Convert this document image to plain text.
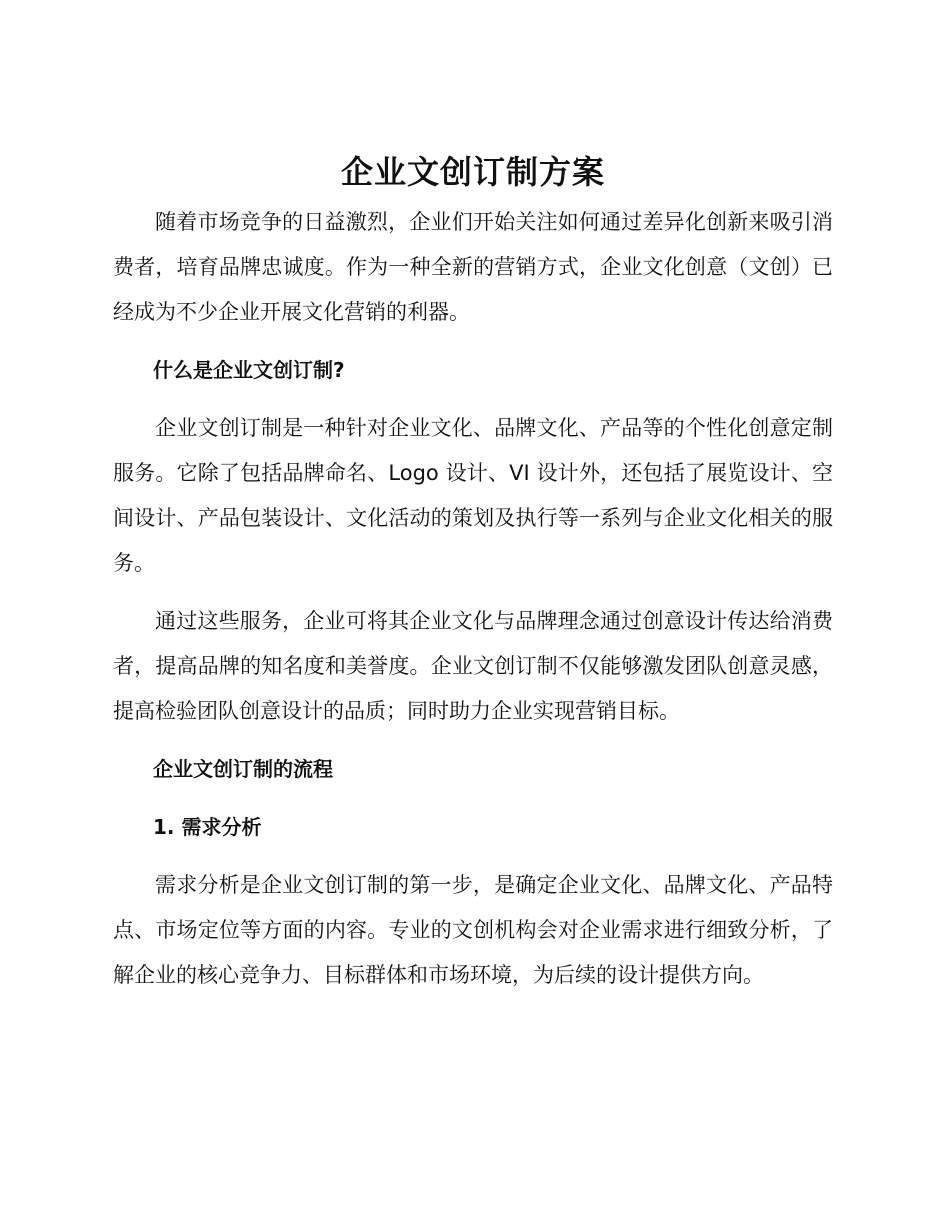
企业文创订制方案

随着市场竞争的日益激烈，企业们开始关注如何通过差异化创新来吸引消费者，培育品牌忠诚度。作为一种全新的营销方式，企业文化创意（文创）已经成为不少企业开展文化营销的利器。

什么是企业文创订制?

企业文创订制是一种针对企业文化、品牌文化、产品等的个性化创意定制服务。它除了包括品牌命名、Logo 设计、VI 设计外，还包括了展览设计、空间设计、产品包装设计、文化活动的策划及执行等一系列与企业文化相关的服务。

通过这些服务，企业可将其企业文化与品牌理念通过创意设计传达给消费者，提高品牌的知名度和美誉度。企业文创订制不仅能够激发团队创意灵感，提高检验团队创意设计的品质；同时助力企业实现营销目标。

企业文创订制的流程

1. 需求分析

需求分析是企业文创订制的第一步，是确定企业文化、品牌文化、产品特点、市场定位等方面的内容。专业的文创机构会对企业需求进行细致分析，了解企业的核心竞争力、目标群体和市场环境，为后续的设计提供方向。
